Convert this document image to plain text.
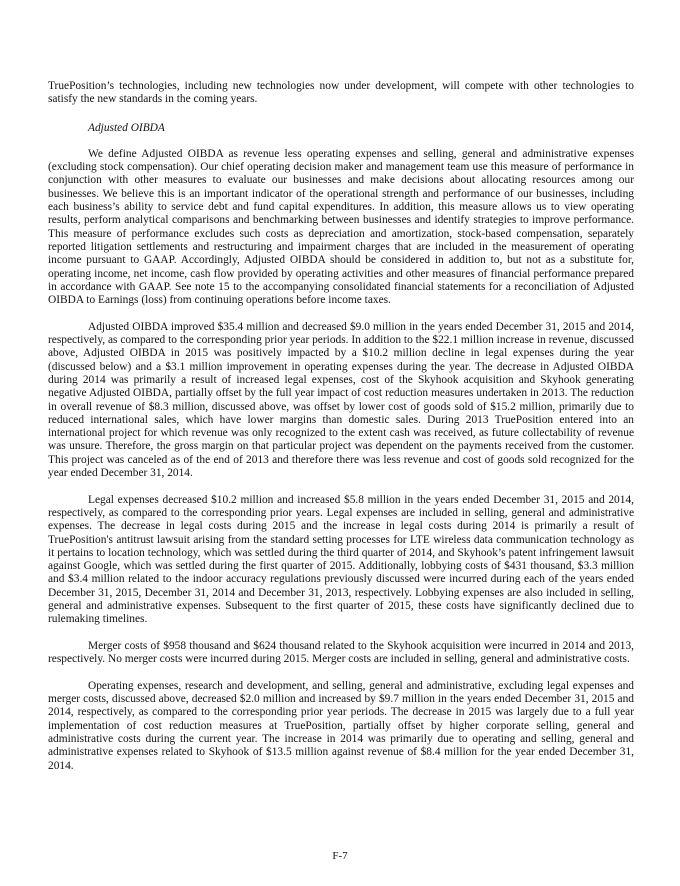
TruePosition’s technologies, including new technologies now under development, will compete with other technologies to satisfy the new standards in the coming years.

Adjusted OIBDA

We define Adjusted OIBDA as revenue less operating expenses and selling, general and administrative expenses (excluding stock compensation). Our chief operating decision maker and management team use this measure of performance in conjunction with other measures to evaluate our businesses and make decisions about allocating resources among our businesses. We believe this is an important indicator of the operational strength and performance of our businesses, including each business’s ability to service debt and fund capital expenditures. In addition, this measure allows us to view operating results, perform analytical comparisons and benchmarking between businesses and identify strategies to improve performance. This measure of performance excludes such costs as depreciation and amortization, stock-based compensation, separately reported litigation settlements and restructuring and impairment charges that are included in the measurement of operating income pursuant to GAAP. Accordingly, Adjusted OIBDA should be considered in addition to, but not as a substitute for, operating income, net income, cash flow provided by operating activities and other measures of financial performance prepared in accordance with GAAP. See note 15 to the accompanying consolidated financial statements for a reconciliation of Adjusted OIBDA to Earnings (loss) from continuing operations before income taxes.

Adjusted OIBDA improved $35.4 million and decreased $9.0 million in the years ended December 31, 2015 and 2014, respectively, as compared to the corresponding prior year periods. In addition to the $22.1 million increase in revenue, discussed above, Adjusted OIBDA in 2015 was positively impacted by a $10.2 million decline in legal expenses during the year (discussed below) and a $3.1 million improvement in operating expenses during the year. The decrease in Adjusted OIBDA during 2014 was primarily a result of increased legal expenses, cost of the Skyhook acquisition and Skyhook generating negative Adjusted OIBDA, partially offset by the full year impact of cost reduction measures undertaken in 2013. The reduction in overall revenue of $8.3 million, discussed above, was offset by lower cost of goods sold of $15.2 million, primarily due to reduced international sales, which have lower margins than domestic sales. During 2013 TruePosition entered into an international project for which revenue was only recognized to the extent cash was received, as future collectability of revenue was unsure. Therefore, the gross margin on that particular project was dependent on the payments received from the customer. This project was canceled as of the end of 2013 and therefore there was less revenue and cost of goods sold recognized for the year ended December 31, 2014.

Legal expenses decreased $10.2 million and increased $5.8 million in the years ended December 31, 2015 and 2014, respectively, as compared to the corresponding prior years. Legal expenses are included in selling, general and administrative expenses. The decrease in legal costs during 2015 and the increase in legal costs during 2014 is primarily a result of TruePosition's antitrust lawsuit arising from the standard setting processes for LTE wireless data communication technology as it pertains to location technology, which was settled during the third quarter of 2014, and Skyhook’s patent infringement lawsuit against Google, which was settled during the first quarter of 2015. Additionally, lobbying costs of $431 thousand, $3.3 million and $3.4 million related to the indoor accuracy regulations previously discussed were incurred during each of the years ended December 31, 2015, December 31, 2014 and December 31, 2013, respectively. Lobbying expenses are also included in selling, general and administrative expenses. Subsequent to the first quarter of 2015, these costs have significantly declined due to rulemaking timelines.

Merger costs of $958 thousand and $624 thousand related to the Skyhook acquisition were incurred in 2014 and 2013, respectively. No merger costs were incurred during 2015. Merger costs are included in selling, general and administrative costs.

Operating expenses, research and development, and selling, general and administrative, excluding legal expenses and merger costs, discussed above, decreased $2.0 million and increased by $9.7 million in the years ended December 31, 2015 and 2014, respectively, as compared to the corresponding prior year periods. The decrease in 2015 was largely due to a full year implementation of cost reduction measures at TruePosition, partially offset by higher corporate selling, general and administrative costs during the current year. The increase in 2014 was primarily due to operating and selling, general and administrative expenses related to Skyhook of $13.5 million against revenue of $8.4 million for the year ended December 31, 2014.

F-7
